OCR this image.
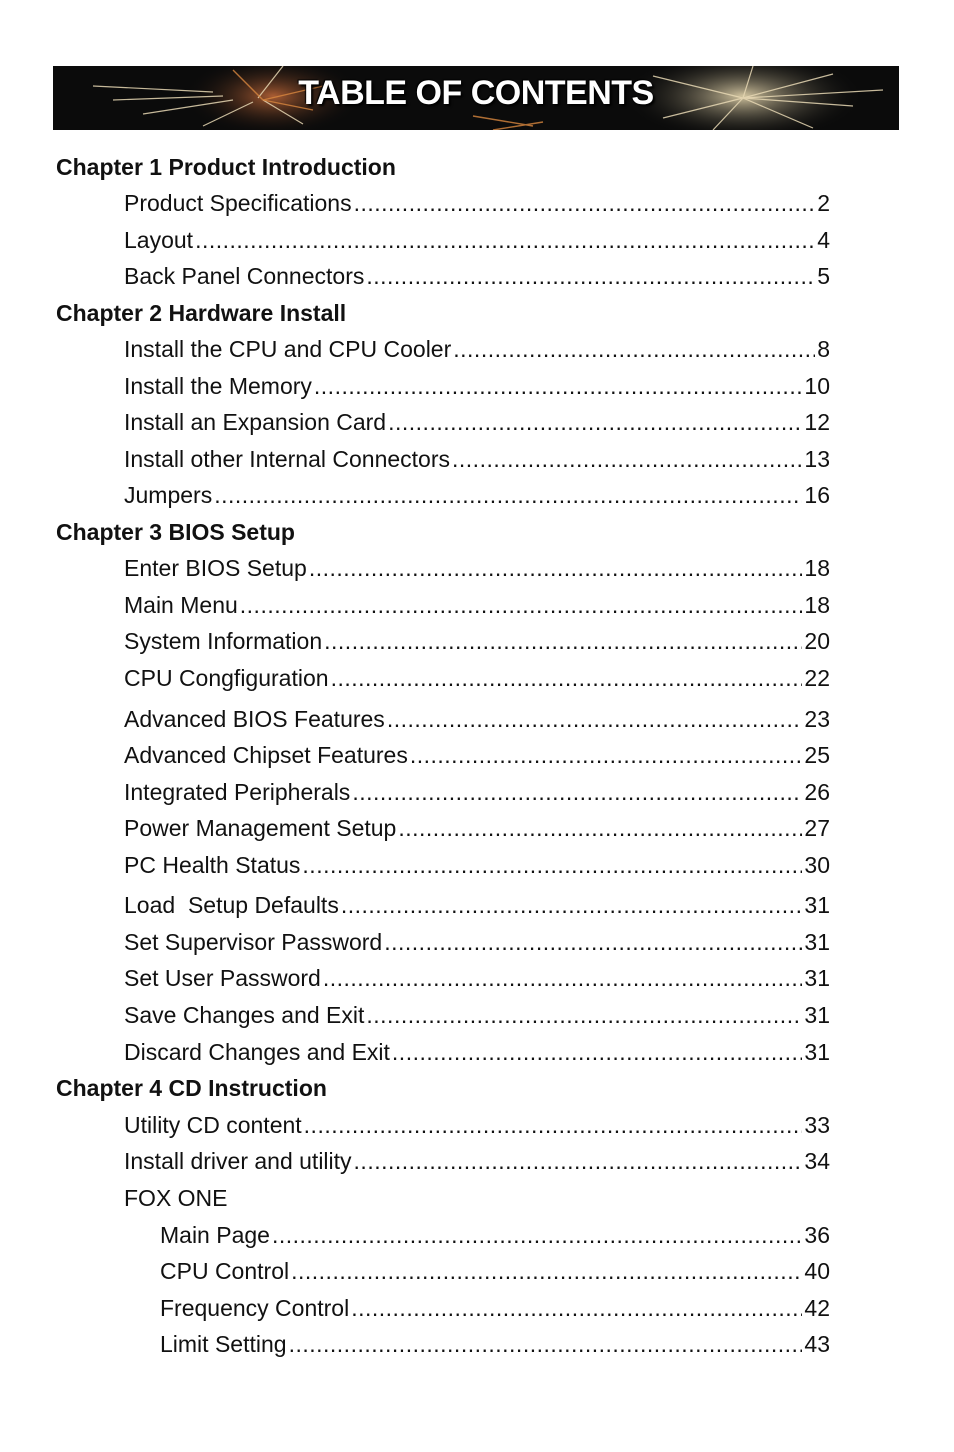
TABLE OF CONTENTS
Chapter 1 Product Introduction
Product Specifications .....	2
Layout .....	4
Back Panel Connectors .....	5
Chapter 2 Hardware Install
Install the CPU and CPU Cooler .....	8
Install the Memory .....	10
Install an Expansion Card .....	12
Install other Internal Connectors .....	13
Jumpers .....	16
Chapter 3 BIOS Setup
Enter BIOS Setup .....	18
Main Menu .....	18
System Information .....	20
CPU Congfiguration .....	22
Advanced BIOS Features .....	23
Advanced Chipset Features .....	25
Integrated Peripherals .....	26
Power Management Setup .....	27
PC Health Status .....	30
Load  Setup Defaults .....	31
Set Supervisor Password .....	31
Set User Password .....	31
Save Changes and Exit .....	31
Discard Changes and Exit .....	31
Chapter 4 CD Instruction
Utility CD content .....	33
Install driver and utility .....	34
FOX ONE
Main Page .....	36
CPU Control .....	40
Frequency Control .....	42
Limit Setting .....	43
